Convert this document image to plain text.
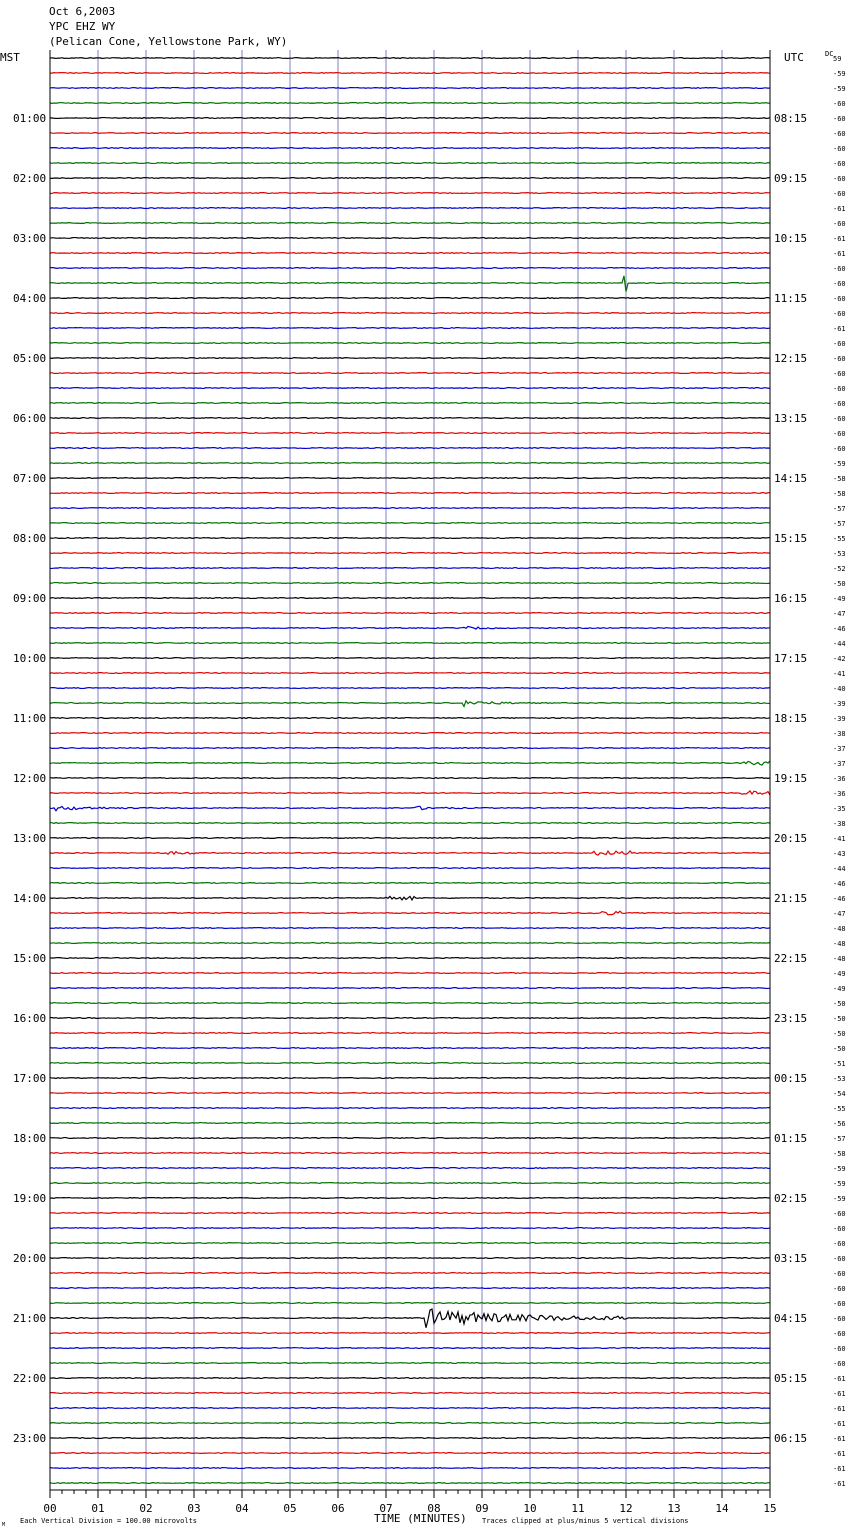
Oct 6,2003
YPC EHZ WY
(Pelican Cone, Yellowstone Park, WY)
MST	UTC	DC
TIME (MINUTES)
Each Vertical Division = 100.00 microvolts	Traces clipped at plus/minus 5 vertical divisions
M
00	01	02	03	04	05	06	07	08	09	10	11	12	13	14	15
01:00
02:00
03:00
04:00
05:00
06:00
07:00
08:00
09:00
10:00
11:00
12:00
13:00
14:00
15:00
16:00
17:00
18:00
19:00
20:00
21:00
22:00
23:00
08:15
09:15
10:15
11:15
12:15
13:15
14:15
15:15
16:15
17:15
18:15
19:15
20:15
21:15
22:15
23:15
00:15
01:15
02:15
03:15
04:15
05:15
06:15
59
-59
-59
-60
-60
-60
-60
-60
-60
-60
-61
-60
-61
-61
-60
-60
-60
-60
-61
-60
-60
-60
-60
-60
-60
-60
-60
-59
-58
-58
-57
-57
-55
-53
-52
-50
-49
-47
-46
-44
-42
-41
-40
-39
-39
-38
-37
-37
-36
-36
-35
-38
-41
-43
-44
-46
-46
-47
-48
-48
-48
-49
-49
-50
-50
-50
-50
-51
-53
-54
-55
-56
-57
-58
-59
-59
-59
-60
-60
-60
-60
-60
-60
-60
-60
-60
-60
-60
-61
-61
-61
-61
-61
-61
-61
-61
